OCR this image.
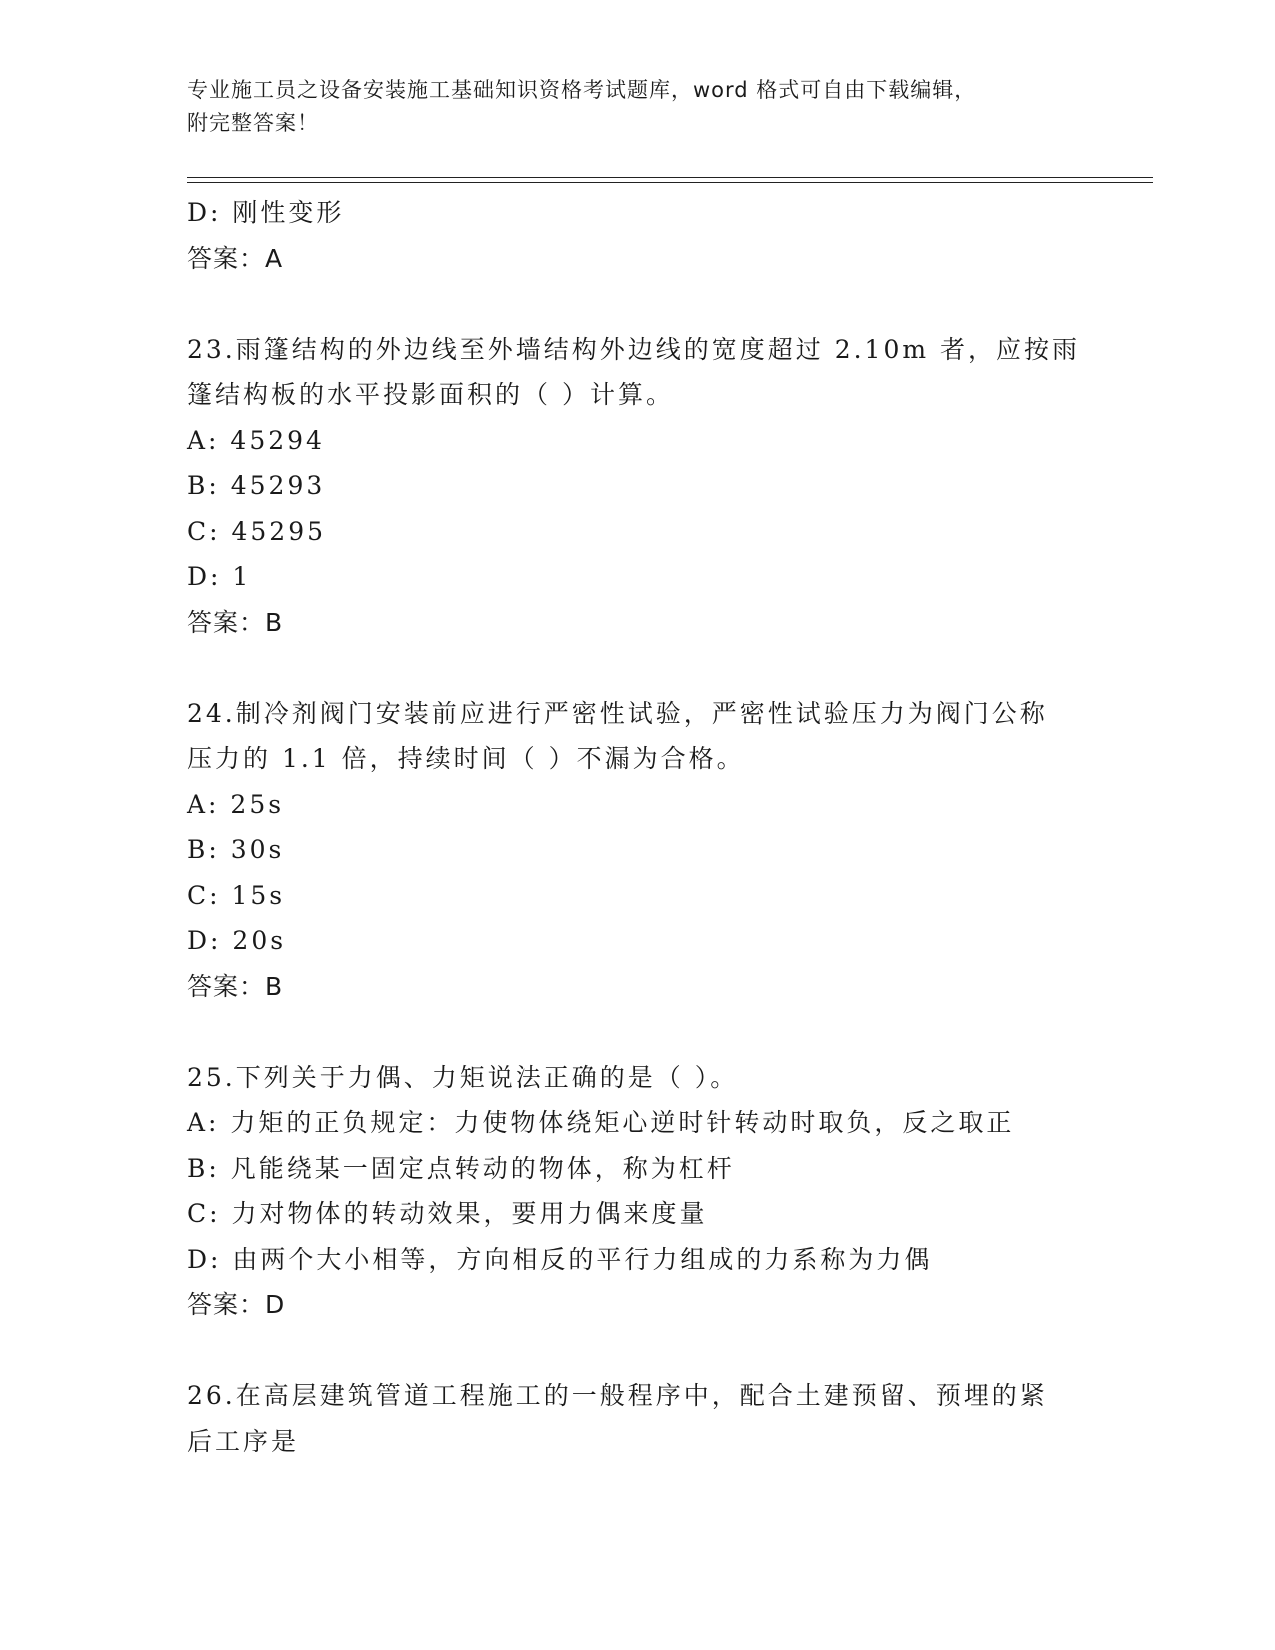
专业施工员之设备安装施工基础知识资格考试题库，word 格式可自由下载编辑，
附完整答案！
D: 刚性变形
答案：A
23.雨篷结构的外边线至外墙结构外边线的宽度超过 2.10m 者，应按雨
篷结构板的水平投影面积的（ ）计算。
A: 45294
B: 45293
C: 45295
D: 1
答案：B
24.制冷剂阀门安装前应进行严密性试验，严密性试验压力为阀门公称
压力的 1.1 倍，持续时间（ ）不漏为合格。
A: 25s
B: 30s
C: 15s
D: 20s
答案：B
25.下列关于力偶、力矩说法正确的是（ ）。
A: 力矩的正负规定：力使物体绕矩心逆时针转动时取负，反之取正
B: 凡能绕某一固定点转动的物体，称为杠杆
C: 力对物体的转动效果，要用力偶来度量
D: 由两个大小相等，方向相反的平行力组成的力系称为力偶
答案：D
26.在高层建筑管道工程施工的一般程序中，配合土建预留、预埋的紧
后工序是
